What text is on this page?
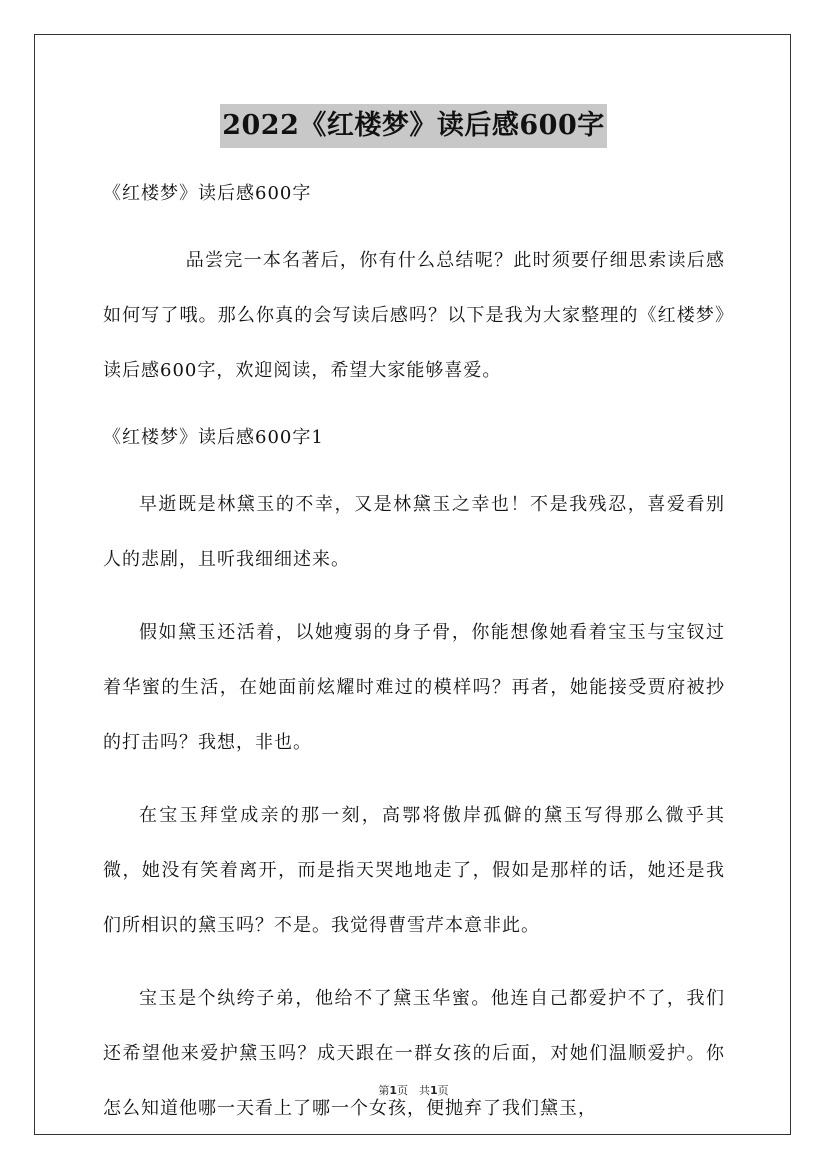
2022《红楼梦》读后感600字

《红楼梦》读后感600字

品尝完一本名著后，你有什么总结呢？此时须要仔细思索读后感如何写了哦。那么你真的会写读后感吗？以下是我为大家整理的《红楼梦》读后感600字，欢迎阅读，希望大家能够喜爱。

《红楼梦》读后感600字1

早逝既是林黛玉的不幸，又是林黛玉之幸也！不是我残忍，喜爱看别人的悲剧，且听我细细述来。

假如黛玉还活着，以她瘦弱的身子骨，你能想像她看着宝玉与宝钗过着华蜜的生活，在她面前炫耀时难过的模样吗？再者，她能接受贾府被抄的打击吗？我想，非也。

在宝玉拜堂成亲的那一刻，高鄂将傲岸孤僻的黛玉写得那么微乎其微，她没有笑着离开，而是指天哭地地走了，假如是那样的话，她还是我们所相识的黛玉吗？不是。我觉得曹雪芹本意非此。

宝玉是个纨绔子弟，他给不了黛玉华蜜。他连自己都爱护不了，我们还希望他来爱护黛玉吗？成天跟在一群女孩的后面，对她们温顺爱护。你怎么知道他哪一天看上了哪一个女孩，便抛弃了我们黛玉，

第1页　共1页
